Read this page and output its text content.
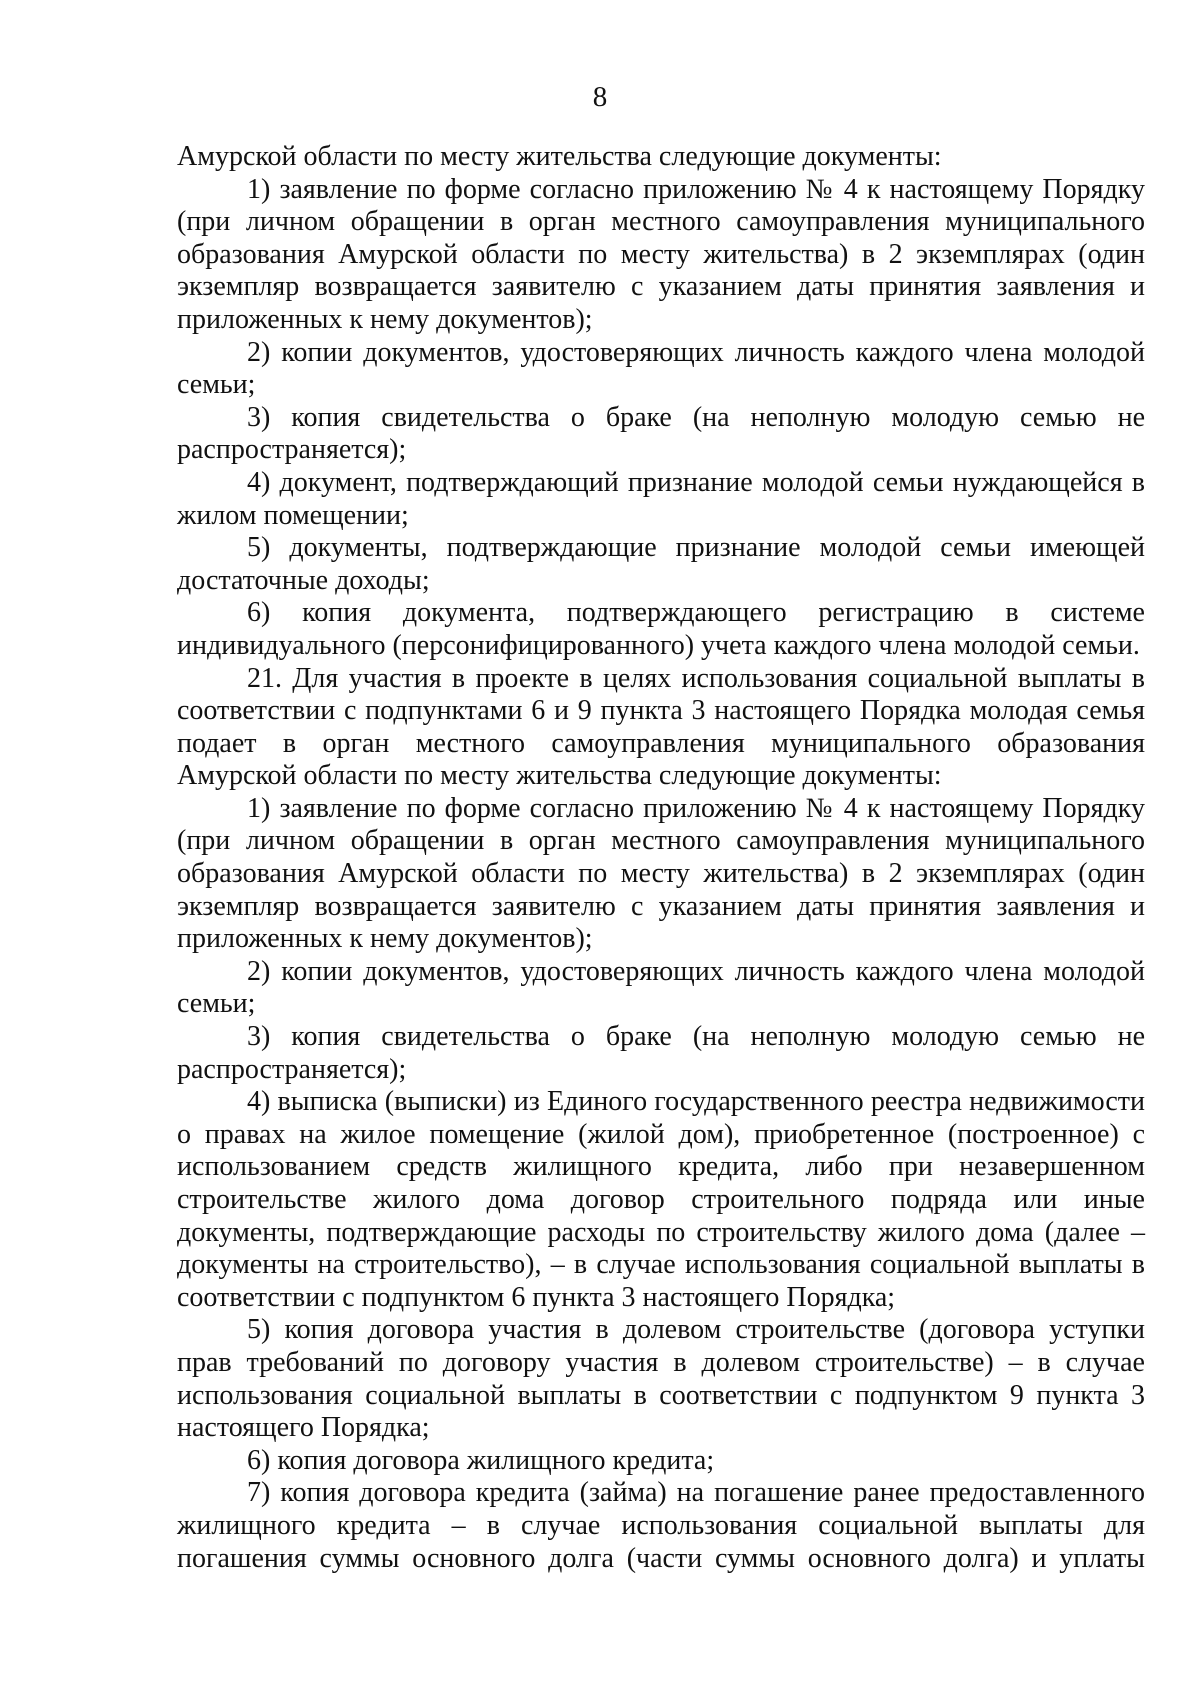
8

Амурской области по месту жительства следующие документы:

1) заявление по форме согласно приложению № 4 к настоящему Порядку (при личном обращении в орган местного самоуправления муниципального образования Амурской области по месту жительства) в 2 экземплярах (один экземпляр возвращается заявителю с указанием даты принятия заявления и приложенных к нему документов);

2) копии документов, удостоверяющих личность каждого члена молодой семьи;

3) копия свидетельства о браке (на неполную молодую семью не распространяется);

4) документ, подтверждающий признание молодой семьи нуждающейся в жилом помещении;

5) документы, подтверждающие признание молодой семьи имеющей достаточные доходы;

6) копия документа, подтверждающего регистрацию в системе индивидуального (персонифицированного) учета каждого члена молодой семьи.

21. Для участия в проекте в целях использования социальной выплаты в соответствии с подпунктами 6 и 9 пункта 3 настоящего Порядка молодая семья подает в орган местного самоуправления муниципального образования Амурской области по месту жительства следующие документы:

1) заявление по форме согласно приложению № 4 к настоящему Порядку (при личном обращении в орган местного самоуправления муниципального образования Амурской области по месту жительства) в 2 экземплярах (один экземпляр возвращается заявителю с указанием даты принятия заявления и приложенных к нему документов);

2) копии документов, удостоверяющих личность каждого члена молодой семьи;

3) копия свидетельства о браке (на неполную молодую семью не распространяется);

4) выписка (выписки) из Единого государственного реестра недвижимости о правах на жилое помещение (жилой дом), приобретенное (построенное) с использованием средств жилищного кредита, либо при незавершенном строительстве жилого дома договор строительного подряда или иные документы, подтверждающие расходы по строительству жилого дома (далее – документы на строительство), – в случае использования социальной выплаты в соответствии с подпунктом 6 пункта 3 настоящего Порядка;

5) копия договора участия в долевом строительстве (договора уступки прав требований по договору участия в долевом строительстве) – в случае использования социальной выплаты в соответствии с подпунктом 9 пункта 3 настоящего Порядка;

6) копия договора жилищного кредита;

7) копия договора кредита (займа) на погашение ранее предоставленного жилищного кредита – в случае использования социальной выплаты для погашения суммы основного долга (части суммы основного долга) и уплаты
